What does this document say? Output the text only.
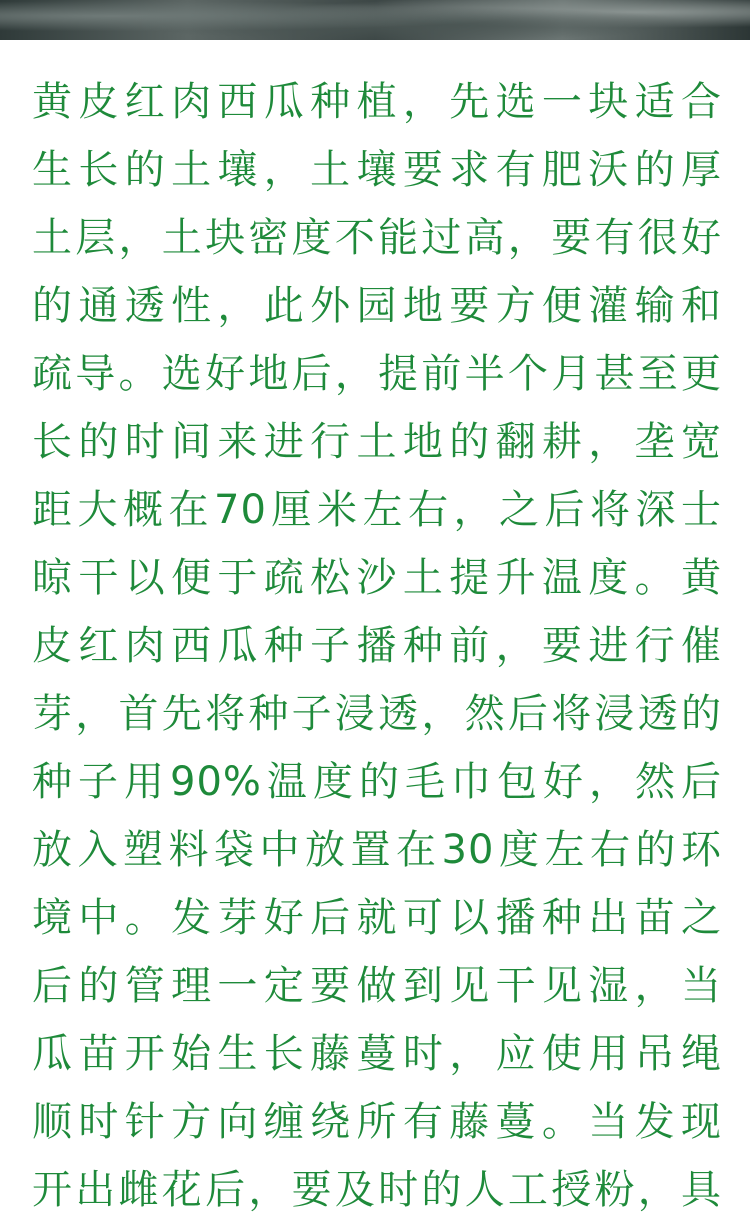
黄皮红肉西瓜种植，先选一块适合
生长的土壤，土壤要求有肥沃的厚
土层，土块密度不能过高，要有很好
的通透性，此外园地要方便灌输和
疏导。选好地后，提前半个月甚至更
长的时间来进行土地的翻耕，垄宽
距大概在70厘米左右，之后将深士
晾干以便于疏松沙土提升温度。黄
皮红肉西瓜种子播种前，要进行催
芽，首先将种子浸透，然后将浸透的
种子用90%温度的毛巾包好，然后
放入塑料袋中放置在30度左右的环
境中。发芽好后就可以播种出苗之
后的管理一定要做到见干见湿，当
瓜苗开始生长藤蔓时，应使用吊绳
顺时针方向缠绕所有藤蔓。当发现
开出雌花后，要及时的人工授粉，具
